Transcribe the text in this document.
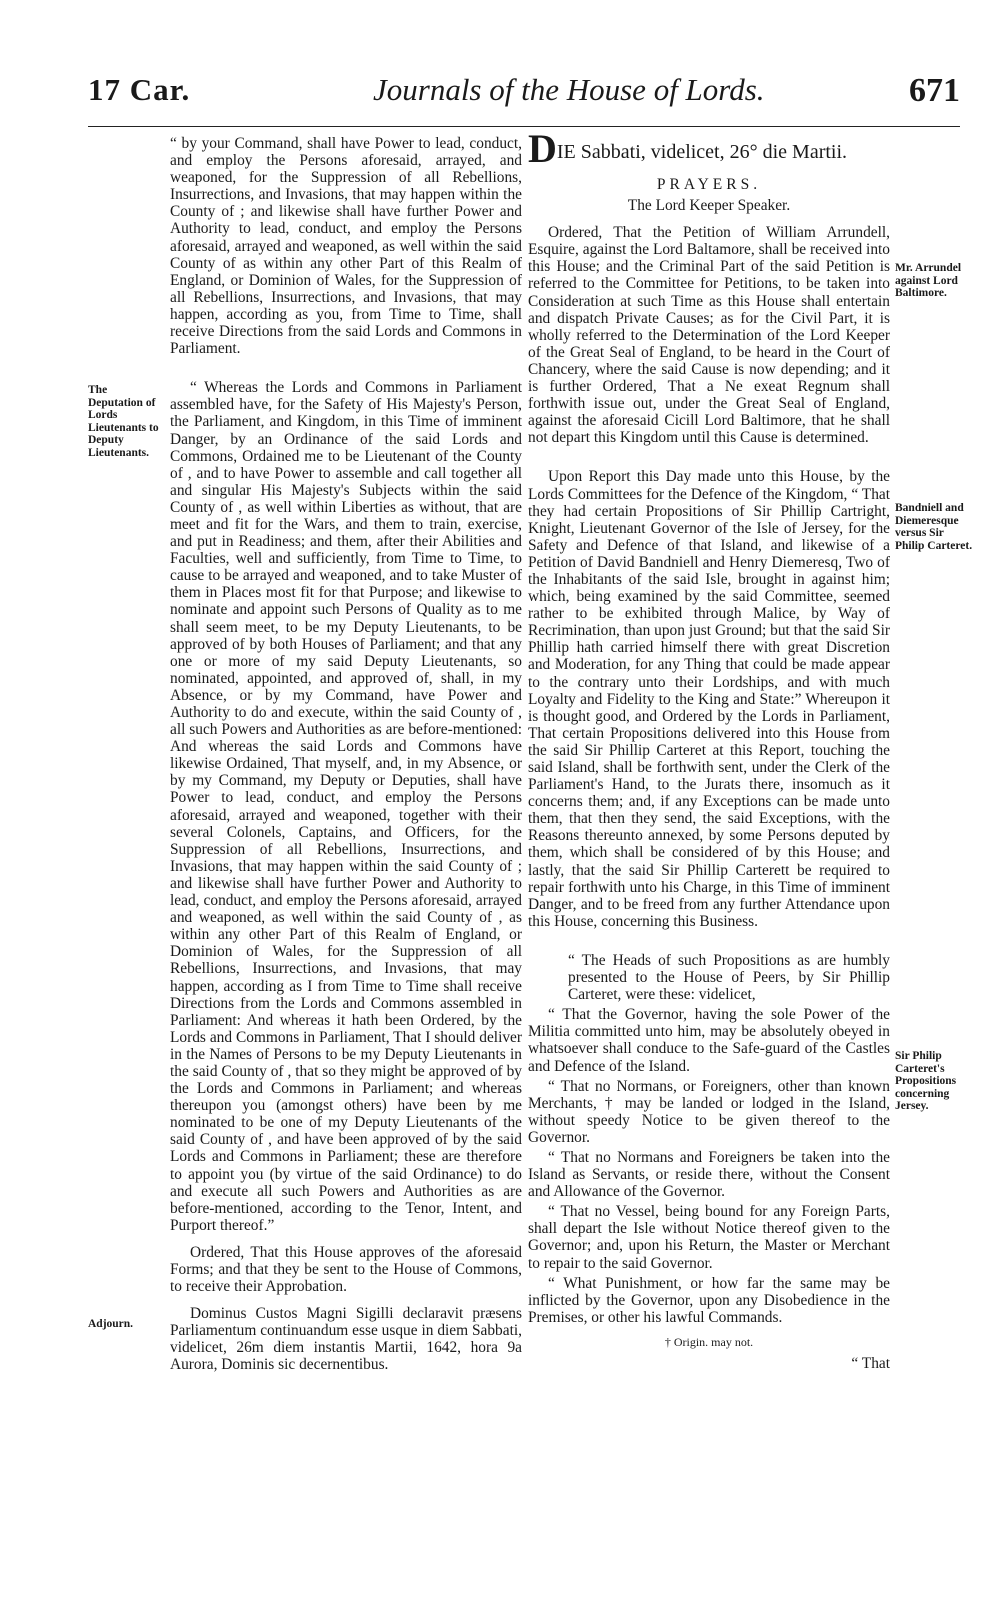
17 Car.	Journals of the House of Lords.	671
The Deputation of Lords Lieutenants to Deputy Lieutenants.
Adjourn.
Mr. Arrundel against Lord Baltimore.
Bandniell and Diemeresque versus Sir Philip Carteret.
Sir Philip Carteret's Propositions concerning Jersey.

“ by your Command, shall have Power to lead, conduct, and employ the Persons aforesaid, arrayed, and weaponed, for the Suppression of all Rebellions, Insurrections, and Invasions, that may happen within the County of ; and likewise shall have further Power and Authority to lead, conduct, and employ the Persons aforesaid, arrayed and weaponed, as well within the said County of as within any other Part of this Realm of England, or Dominion of Wales, for the Suppression of all Rebellions, Insurrections, and Invasions, that may happen, according as you, from Time to Time, shall receive Directions from the said Lords and Commons in Parliament.

“ Whereas the Lords and Commons in Parliament assembled have, for the Safety of His Majesty's Person, the Parliament, and Kingdom, in this Time of imminent Danger, by an Ordinance of the said Lords and Commons, Ordained me to be Lieutenant of the County of , and to have Power to assemble and call together all and singular His Majesty's Subjects within the said County of , as well within Liberties as without, that are meet and fit for the Wars, and them to train, exercise, and put in Readiness; and them, after their Abilities and Faculties, well and sufficiently, from Time to Time, to cause to be arrayed and weaponed, and to take Muster of them in Places most fit for that Purpose; and likewise to nominate and appoint such Persons of Quality as to me shall seem meet, to be my Deputy Lieutenants, to be approved of by both Houses of Parliament; and that any one or more of my said Deputy Lieutenants, so nominated, appointed, and approved of, shall, in my Absence, or by my Command, have Power and Authority to do and execute, within the said County of , all such Powers and Authorities as are before-mentioned: And whereas the said Lords and Commons have likewise Ordained, That myself, and, in my Absence, or by my Command, my Deputy or Deputies, shall have Power to lead, conduct, and employ the Persons aforesaid, arrayed and weaponed, together with their several Colonels, Captains, and Officers, for the Suppression of all Rebellions, Insurrections, and Invasions, that may happen within the said County of ; and likewise shall have further Power and Authority to lead, conduct, and employ the Persons aforesaid, arrayed and weaponed, as well within the said County of , as within any other Part of this Realm of England, or Dominion of Wales, for the Suppression of all Rebellions, Insurrections, and Invasions, that may happen, according as I from Time to Time shall receive Directions from the Lords and Commons assembled in Parliament: And whereas it hath been Ordered, by the Lords and Commons in Parliament, That I should deliver in the Names of Persons to be my Deputy Lieutenants in the said County of , that so they might be approved of by the Lords and Commons in Parliament; and whereas thereupon you (amongst others) have been by me nominated to be one of my Deputy Lieutenants of the said County of , and have been approved of by the said Lords and Commons in Parliament; these are therefore to appoint you (by virtue of the said Ordinance) to do and execute all such Powers and Authorities as are before-mentioned, according to the Tenor, Intent, and Purport thereof.”

Ordered, That this House approves of the aforesaid Forms; and that they be sent to the House of Commons, to receive their Approbation.

Dominus Custos Magni Sigilli declaravit præsens Parliamentum continuandum esse usque in diem Sabbati, videlicet, 26m diem instantis Martii, 1642, hora 9a Aurora, Dominis sic decernentibus.

DIE Sabbati, videlicet, 26° die Martii.

PRAYERS.

The Lord Keeper Speaker.

Ordered, That the Petition of William Arrundell, Esquire, against the Lord Baltamore, shall be received into this House; and the Criminal Part of the said Petition is referred to the Committee for Petitions, to be taken into Consideration at such Time as this House shall entertain and dispatch Private Causes; as for the Civil Part, it is wholly referred to the Determination of the Lord Keeper of the Great Seal of England, to be heard in the Court of Chancery, where the said Cause is now depending; and it is further Ordered, That a Ne exeat Regnum shall forthwith issue out, under the Great Seal of England, against the aforesaid Cicill Lord Baltimore, that he shall not depart this Kingdom until this Cause is determined.

Upon Report this Day made unto this House, by the Lords Committees for the Defence of the Kingdom, “ That they had certain Propositions of Sir Phillip Cartright, Knight, Lieutenant Governor of the Isle of Jersey, for the Safety and Defence of that Island, and likewise of a Petition of David Bandniell and Henry Diemeresq, Two of the Inhabitants of the said Isle, brought in against him; which, being examined by the said Committee, seemed rather to be exhibited through Malice, by Way of Recrimination, than upon just Ground; but that the said Sir Phillip hath carried himself there with great Discretion and Moderation, for any Thing that could be made appear to the contrary unto their Lordships, and with much Loyalty and Fidelity to the King and State:” Whereupon it is thought good, and Ordered by the Lords in Parliament, That certain Propositions delivered into this House from the said Sir Phillip Carteret at this Report, touching the said Island, shall be forthwith sent, under the Clerk of the Parliament's Hand, to the Jurats there, insomuch as it concerns them; and, if any Exceptions can be made unto them, that then they send, the said Exceptions, with the Reasons thereunto annexed, by some Persons deputed by them, which shall be considered of by this House; and lastly, that the said Sir Phillip Carterett be required to repair forthwith unto his Charge, in this Time of imminent Danger, and to be freed from any further Attendance upon this House, concerning this Business.

“ The Heads of such Propositions as are humbly presented to the House of Peers, by Sir Phillip Carteret, were these: videlicet,

“ That the Governor, having the sole Power of the Militia committed unto him, may be absolutely obeyed in whatsoever shall conduce to the Safe-guard of the Castles and Defence of the Island.

“ That no Normans, or Foreigners, other than known Merchants, † may be landed or lodged in the Island, without speedy Notice to be given thereof to the Governor.

“ That no Normans and Foreigners be taken into the Island as Servants, or reside there, without the Consent and Allowance of the Governor.

“ That no Vessel, being bound for any Foreign Parts, shall depart the Isle without Notice thereof given to the Governor; and, upon his Return, the Master or Merchant to repair to the said Governor.

“ What Punishment, or how far the same may be inflicted by the Governor, upon any Disobedience in the Premises, or other his lawful Commands.

† Origin. may not.

“ That
